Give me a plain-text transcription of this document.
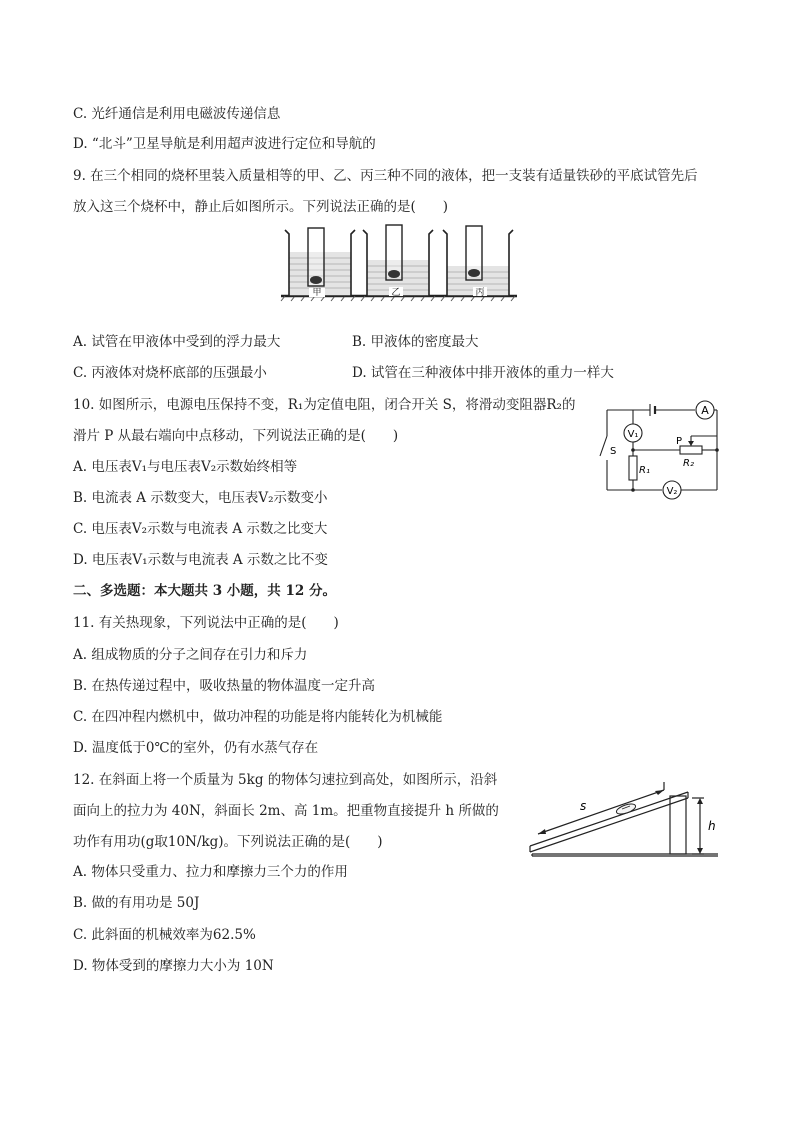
C. 光纤通信是利用电磁波传递信息
D. “北斗”卫星导航是利用超声波进行定位和导航的
9. 在三个相同的烧杯里装入质量相等的甲、乙、丙三种不同的液体，把一支装有适量铁砂的平底试管先后
放入这三个烧杯中，静止后如图所示。下列说法正确的是(　　)
甲	乙	丙
A. 试管在甲液体中受到的浮力最大	B. 甲液体的密度最大
C. 丙液体对烧杯底部的压强最小	D. 试管在三种液体中排开液体的重力一样大
10. 如图所示，电源电压保持不变，R₁为定值电阻，闭合开关 S，将滑动变阻器R₂的
滑片 P 从最右端向中点移动，下列说法正确的是(　　)
A. 电压表V₁与电压表V₂示数始终相等
B. 电流表 A 示数变大，电压表V₂示数变小
C. 电压表V₂示数与电流表 A 示数之比变大
D. 电压表V₁示数与电流表 A 示数之比不变
A
V₁
V₂
P
S
R₁
R₂
二、多选题：本大题共 3 小题，共 12 分。
11. 有关热现象，下列说法中正确的是(　　)
A. 组成物质的分子之间存在引力和斥力
B. 在热传递过程中，吸收热量的物体温度一定升高
C. 在四冲程内燃机中，做功冲程的功能是将内能转化为机械能
D. 温度低于0℃的室外，仍有水蒸气存在
12. 在斜面上将一个质量为 5kg 的物体匀速拉到高处，如图所示，沿斜
面向上的拉力为 40N，斜面长 2m、高 1m。把重物直接提升 h 所做的
功作有用功(g取10N/kg)。下列说法正确的是(　　)
A. 物体只受重力、拉力和摩擦力三个力的作用
B. 做的有用功是 50J
C. 此斜面的机械效率为62.5%
D. 物体受到的摩擦力大小为 10N
s
h
